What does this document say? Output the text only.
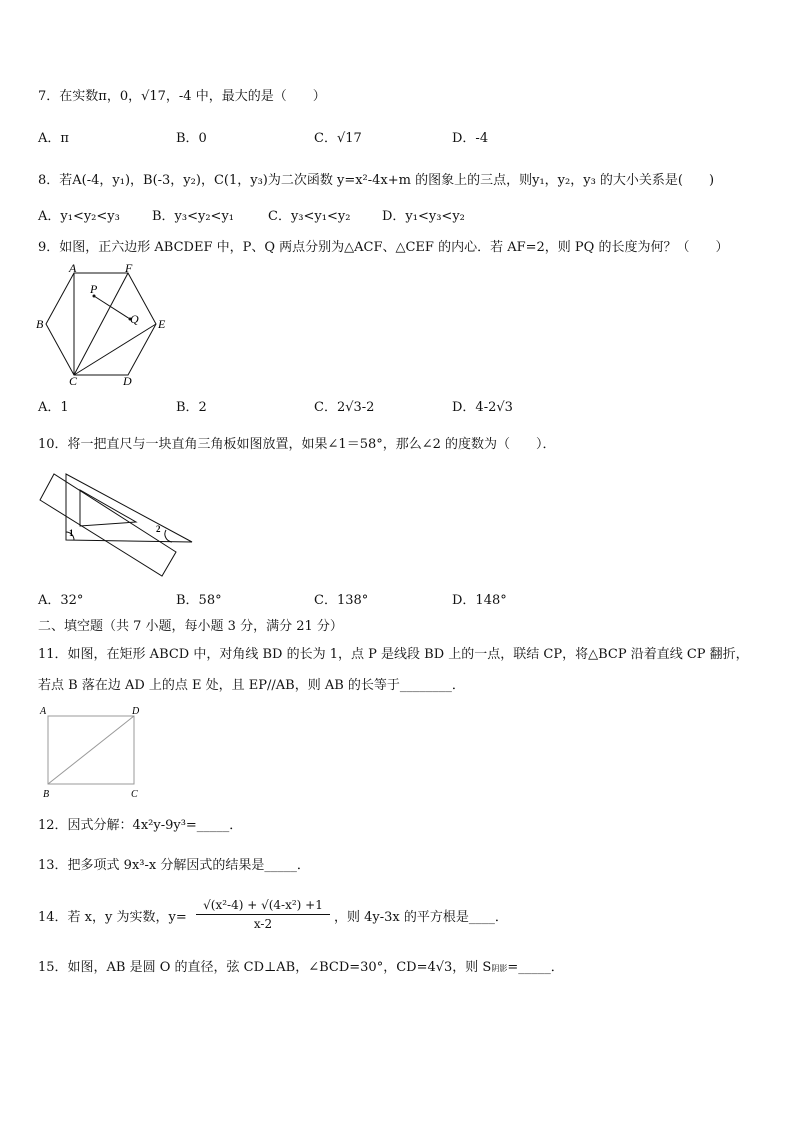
7．在实数π，0，√17，-4 中，最大的是（　　）
A．π	B．0	C．√17	D．-4
8．若A(-4，y₁)，B(-3，y₂)，C(1，y₃)为二次函数 y=x²-4x+m 的图象上的三点，则y₁，y₂，y₃ 的大小关系是(　　)
A．y₁<y₂<y₃ B．y₃<y₂<y₁	C．y₃<y₁<y₂ D．y₁<y₃<y₂
9．如图，正六边形 ABCDEF 中，P、Q 两点分别为△ACF、△CEF 的内心．若 AF=2，则 PQ 的长度为何？（　　）
A	F
P
Q
B	E
C	D
A．1	B．2	C．2√3-2	D．4-2√3
10．将一把直尺与一块直角三角板如图放置，如果∠1＝58°，那么∠2 的度数为（　　）．
1	2
A．32°	B．58°	C．138°	D．148°
二、填空题（共 7 小题，每小题 3 分，满分 21 分）
11．如图，在矩形 ABCD 中，对角线 BD 的长为 1，点 P 是线段 BD 上的一点，联结 CP，将△BCP 沿着直线 CP 翻折，
若点 B 落在边 AD 上的点 E 处，且 EP//AB，则 AB 的长等于________．
A	D
B	C
12．因式分解：4x²y-9y³=_____．
13．把多项式 9x³-x 分解因式的结果是_____．
14．若 x，y 为实数，$y= \frac{\text{√(x²-4) + √(4-x²) +1}}{x-2}$ ，则 4y-3x 的平方根是____．
15．如图，AB 是圆 O 的直径，弦 CD⊥AB，∠BCD=30°，CD=4√3，则 S阴影=_____．
